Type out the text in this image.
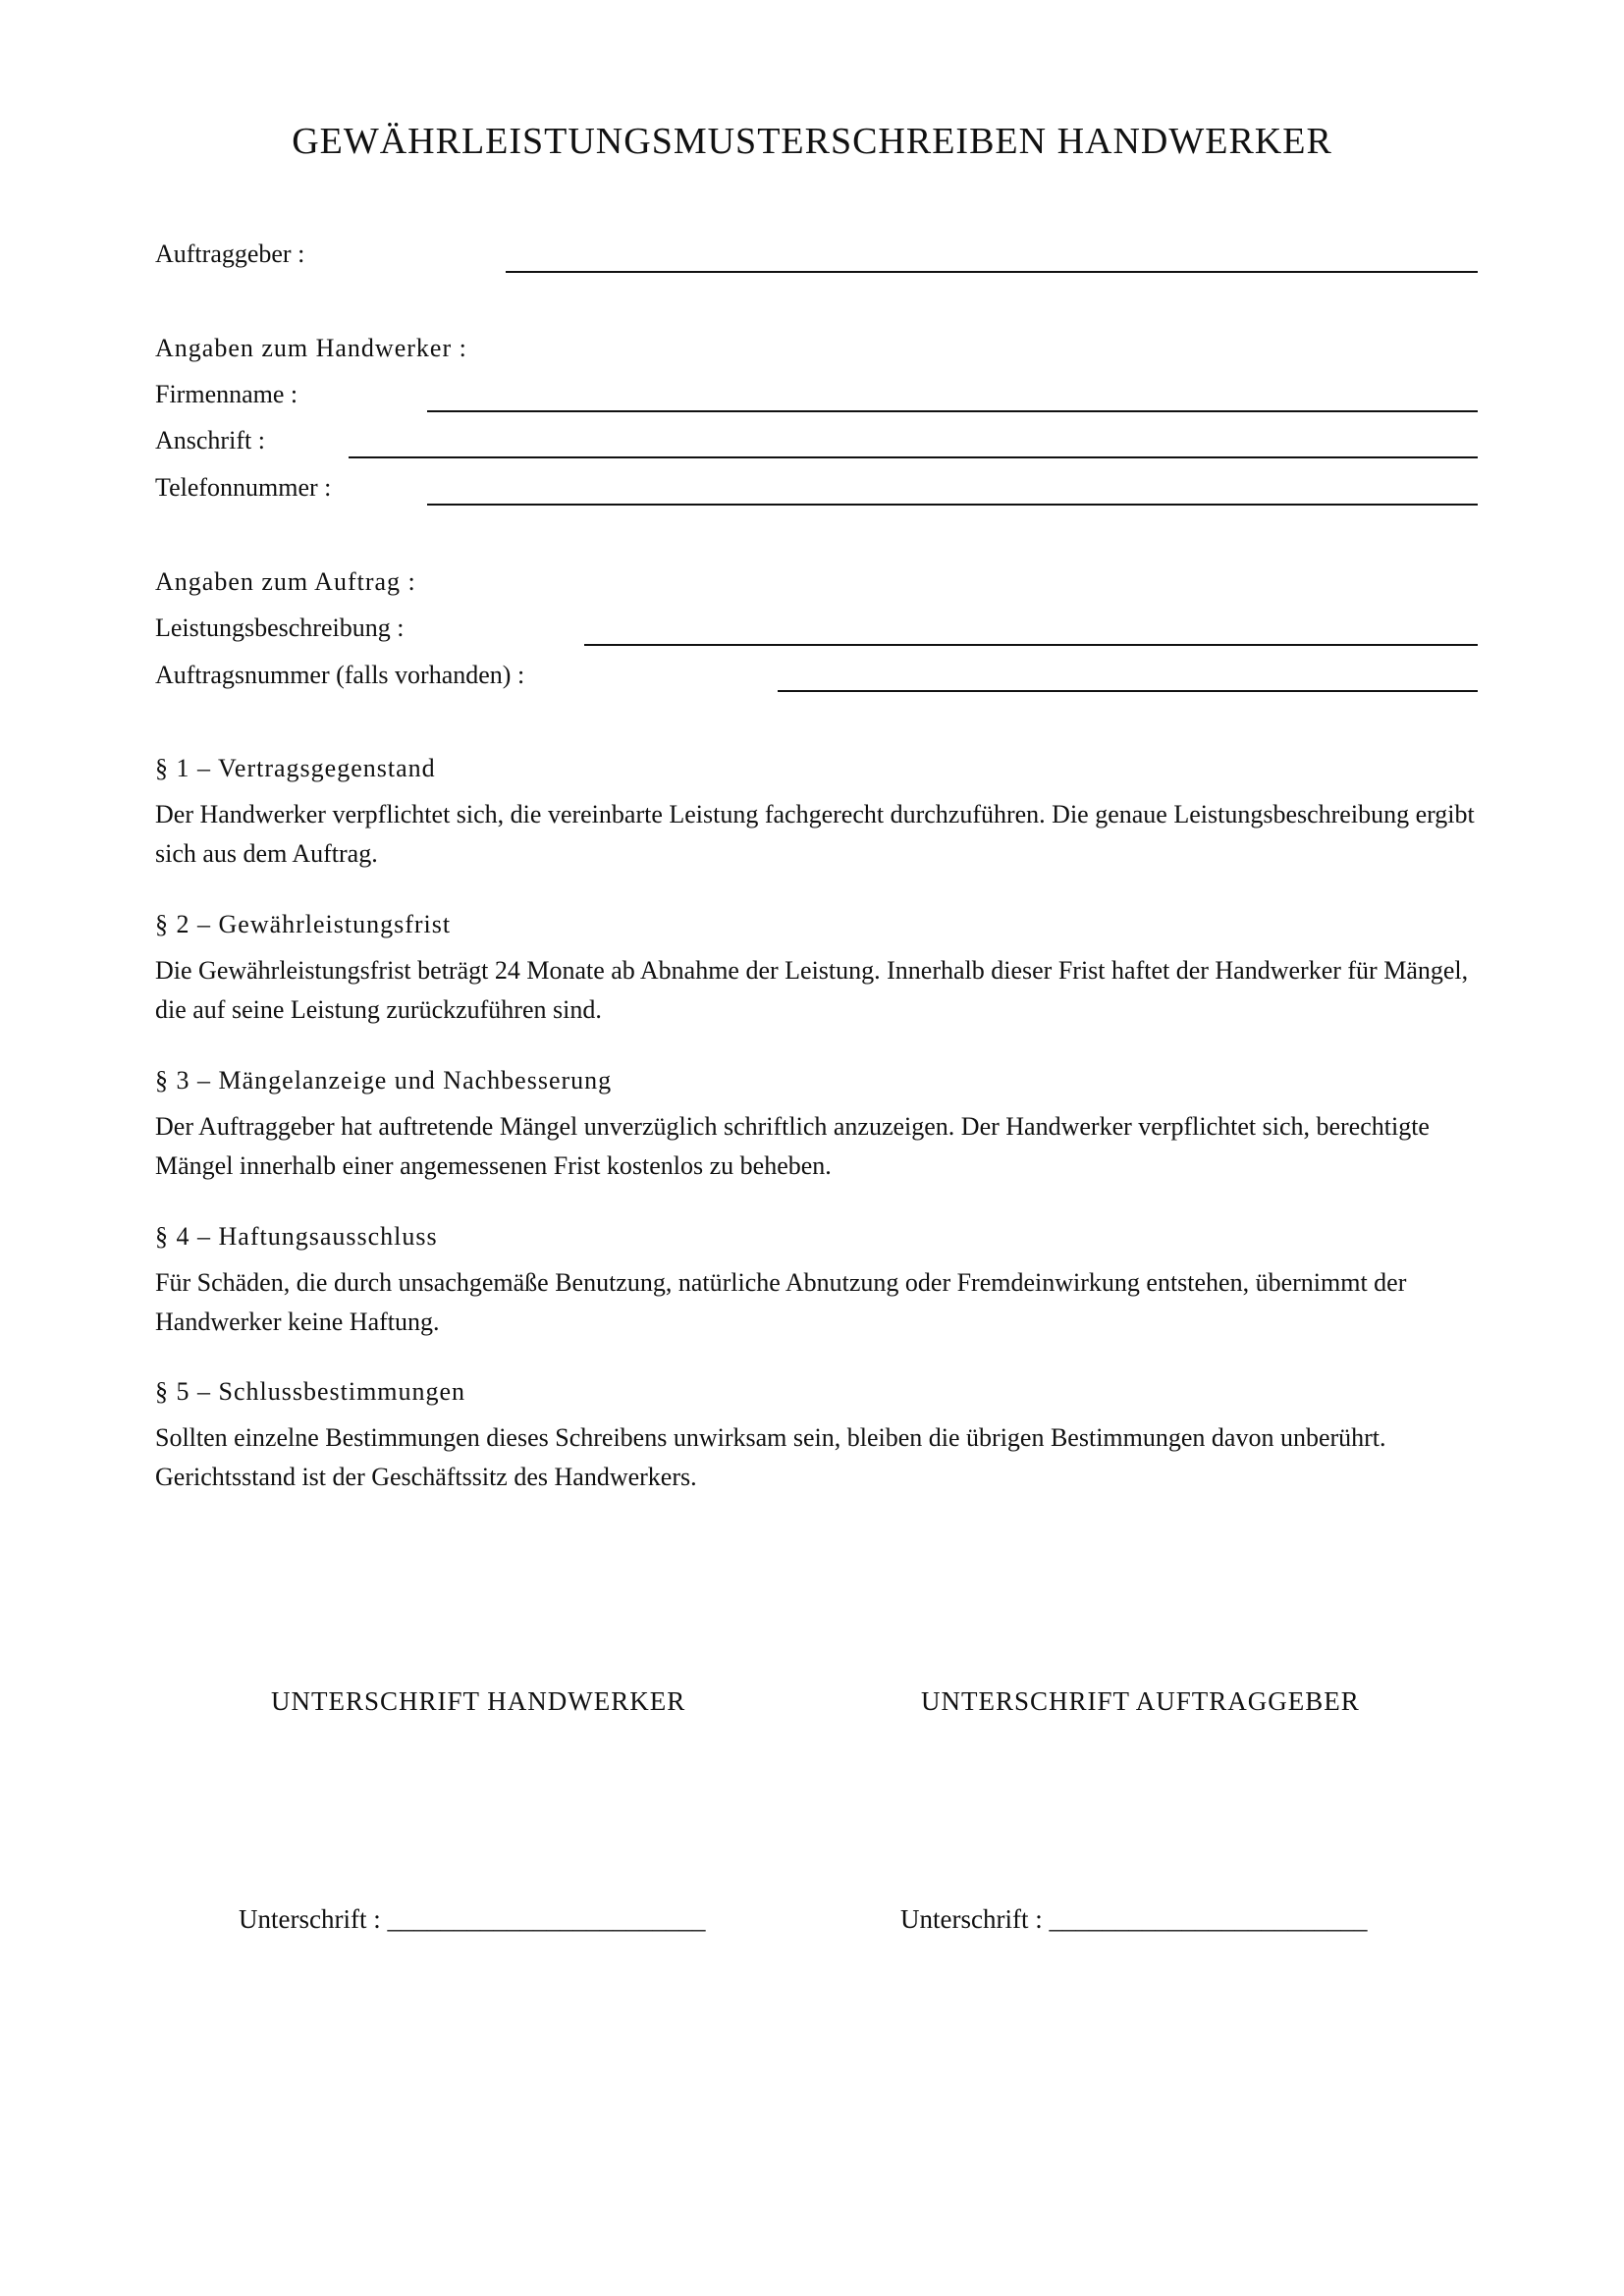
GEWÄHRLEISTUNGSMUSTERSCHREIBEN HANDWERKER
Auftraggeber :
Angaben zum Handwerker :
Firmenname :
Anschrift :
Telefonnummer :
Angaben zum Auftrag :
Leistungsbeschreibung :
Auftragsnummer (falls vorhanden) :
§ 1 – Vertragsgegenstand
Der Handwerker verpflichtet sich, die vereinbarte Leistung fachgerecht durchzuführen. Die genaue Leistungsbeschreibung ergibt sich aus dem Auftrag.
§ 2 – Gewährleistungsfrist
Die Gewährleistungsfrist beträgt 24 Monate ab Abnahme der Leistung. Innerhalb dieser Frist haftet der Handwerker für Mängel, die auf seine Leistung zurückzuführen sind.
§ 3 – Mängelanzeige und Nachbesserung
Der Auftraggeber hat auftretende Mängel unverzüglich schriftlich anzuzeigen. Der Handwerker verpflichtet sich, berechtigte Mängel innerhalb einer angemessenen Frist kostenlos zu beheben.
§ 4 – Haftungsausschluss
Für Schäden, die durch unsachgemäße Benutzung, natürliche Abnutzung oder Fremdeinwirkung entstehen, übernimmt der Handwerker keine Haftung.
§ 5 – Schlussbestimmungen
Sollten einzelne Bestimmungen dieses Schreibens unwirksam sein, bleiben die übrigen Bestimmungen davon unberührt. Gerichtsstand ist der Geschäftssitz des Handwerkers.
UNTERSCHRIFT HANDWERKER	UNTERSCHRIFT AUFTRAGGEBER
Unterschrift : ________________________	Unterschrift : ________________________
